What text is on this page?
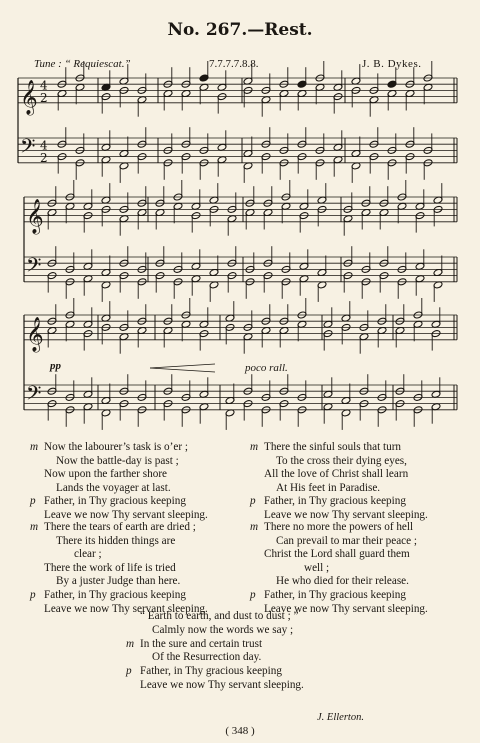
No. 267.—Rest.
Tune : “ Requiescat.”	7.7.7.7.8.8.	J. B. Dykes.
𝄞
𝄢
4
2
4
2
𝄞
𝄢
𝄞
𝄢
pp	poco rall.
m Now the labourer’s task is o’er ;
Now the battle-day is past ;
Now upon the farther shore
Lands the voyager at last.
p Father, in Thy gracious keeping
Leave we now Thy servant sleeping.
m There the tears of earth are dried ;
There its hidden things are
clear ;
There the work of life is tried
By a juster Judge than here.
p Father, in Thy gracious keeping
Leave we now Thy servant sleeping.
m There the sinful souls that turn
To the cross their dying eyes,
All the love of Christ shall learn
At His feet in Paradise.
p Father, in Thy gracious keeping
Leave we now Thy servant sleeping.
m There no more the powers of hell
Can prevail to mar their peace ;
Christ the Lord shall guard them
well ;
He who died for their release.
p Father, in Thy gracious keeping
Leave we now Thy servant sleeping.
“ Earth to earth, and dust to dust ; ”
Calmly now the words we say ;
m In the sure and certain trust
Of the Resurrection day.
p Father, in Thy gracious keeping
Leave we now Thy servant sleeping.
J. Ellerton.
( 348 )
